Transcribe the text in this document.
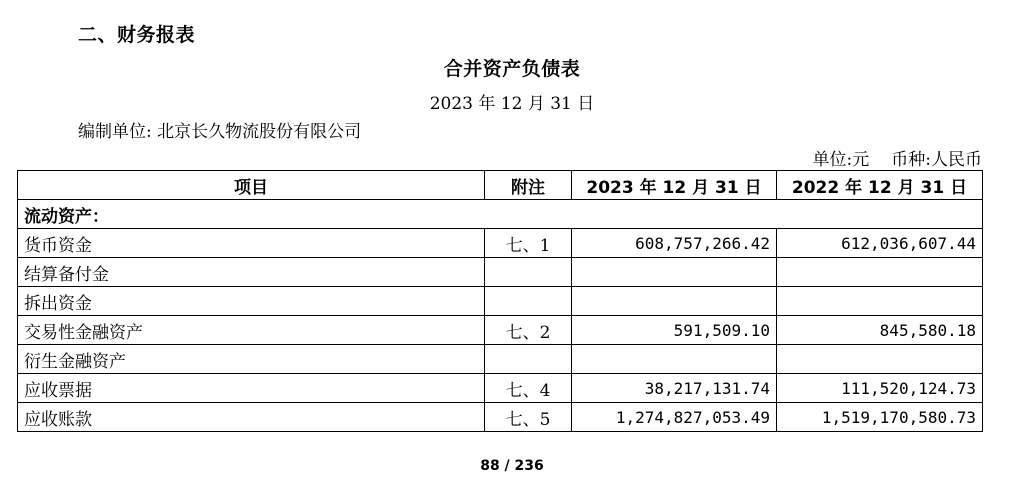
二、财务报表
合并资产负债表
2023 年 12 月 31 日
编制单位: 北京长久物流股份有限公司
单位:元 币种:人民币
项目	附注	2023 年 12 月 31 日	2022 年 12 月 31 日
流动资产：			
货币资金	七、1	608,757,266.42	612,036,607.44
结算备付金			
拆出资金			
交易性金融资产	七、2	591,509.10	845,580.18
衍生金融资产			
应收票据	七、4	38,217,131.74	111,520,124.73
应收账款	七、5	1,274,827,053.49	1,519,170,580.73
88 / 236
